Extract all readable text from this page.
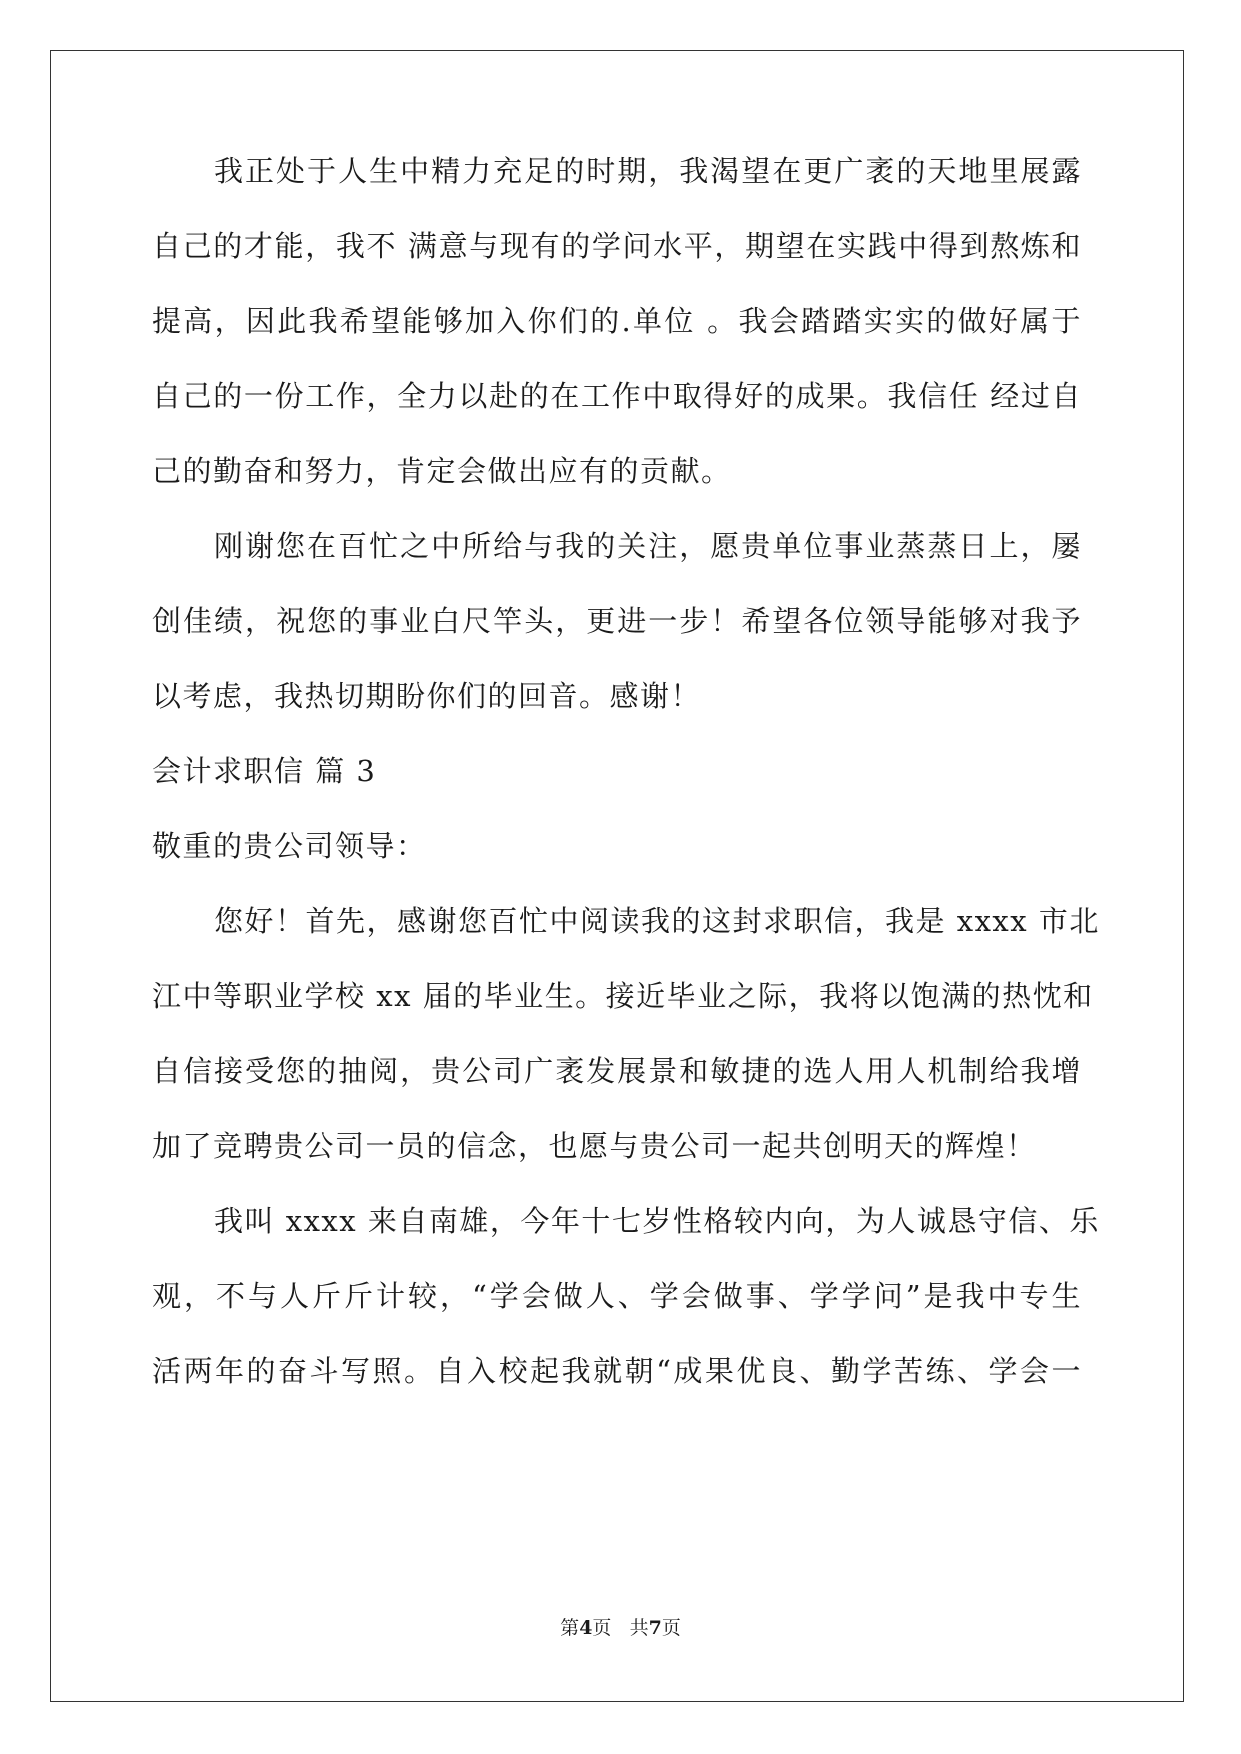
我正处于人生中精力充足的时期，我渴望在更广袤的天地里展露
自己的才能，我不 满意与现有的学问水平，期望在实践中得到熬炼和
提高，因此我希望能够加入你们的.单位 。我会踏踏实实的做好属于
自己的一份工作，全力以赴的在工作中取得好的成果。我信任 经过自
己的勤奋和努力，肯定会做出应有的贡献。
刚谢您在百忙之中所给与我的关注，愿贵单位事业蒸蒸日上，屡
创佳绩，祝您的事业白尺竿头，更进一步！希望各位领导能够对我予
以考虑，我热切期盼你们的回音。感谢！
会计求职信 篇 3
敬重的贵公司领导：
您好！首先，感谢您百忙中阅读我的这封求职信，我是 xxxx 市北
江中等职业学校 xx 届的毕业生。接近毕业之际，我将以饱满的热忱和
自信接受您的抽阅，贵公司广袤发展景和敏捷的选人用人机制给我增
加了竞聘贵公司一员的信念，也愿与贵公司一起共创明天的辉煌！
我叫 xxxx 来自南雄，今年十七岁性格较内向，为人诚恳守信、乐
观，不与人斤斤计较，“学会做人、学会做事、学学问”是我中专生
活两年的奋斗写照。自入校起我就朝“成果优良、勤学苦练、学会一
第4页 共7页
